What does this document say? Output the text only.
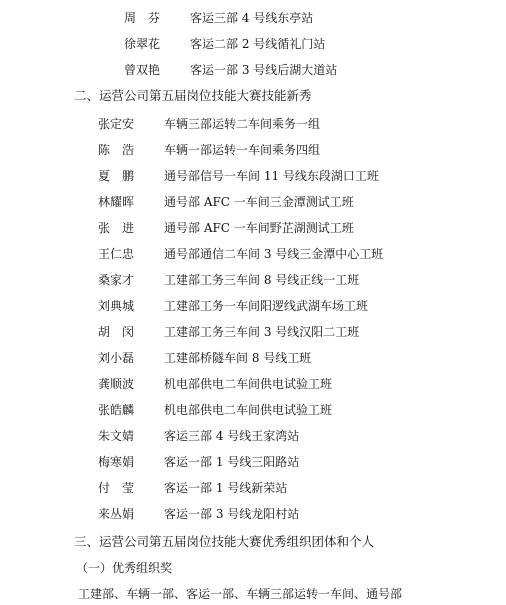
周　芬 客运三部 4 号线东亭站
徐翠花 客运二部 2 号线循礼门站
曾双艳 客运一部 3 号线后湖大道站
二、运营公司第五届岗位技能大赛技能新秀
张定安 车辆三部运转二车间乘务一组
陈　浩 车辆一部运转一车间乘务四组
夏　鹏 通号部信号一车间 11 号线东段湖口工班
林耀晖 通号部 AFC 一车间三金潭测试工班
张　进 通号部 AFC 一车间野芷湖测试工班
王仁忠 通号部通信二车间 3 号线三金潭中心工班
桑家才 工建部工务三车间 8 号线正线一工班
刘典城 工建部工务一车间阳逻线武湖车场工班
胡　闵 工建部工务三车间 3 号线汉阳二工班
刘小磊 工建部桥隧车间 8 号线工班
龚顺波 机电部供电二车间供电试验工班
张皓麟 机电部供电二车间供电试验工班
朱文婧 客运三部 4 号线王家湾站
梅寒娟 客运一部 1 号线三阳路站
付　莹 客运一部 1 号线新荣站
来丛娟 客运一部 3 号线龙阳村站
三、运营公司第五届岗位技能大赛优秀组织团体和个人
（一）优秀组织奖
工建部、车辆一部、客运一部、车辆三部运转一车间、通号部
